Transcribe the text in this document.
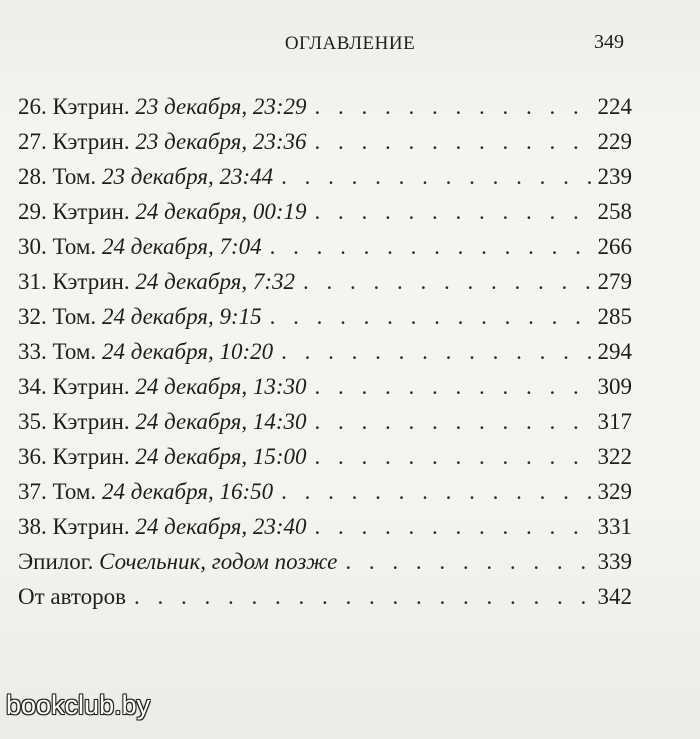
ОГЛАВЛЕНИЕ	349
26. Кэтрин. 23 декабря, 23:29 . . .	224
27. Кэтрин. 23 декабря, 23:36 . . .	229
28. Том. 23 декабря, 23:44 . . .	239
29. Кэтрин. 24 декабря, 00:19 . . .	258
30. Том. 24 декабря, 7:04 . . .	266
31. Кэтрин. 24 декабря, 7:32 . . .	279
32. Том. 24 декабря, 9:15 . . .	285
33. Том. 24 декабря, 10:20 . . .	294
34. Кэтрин. 24 декабря, 13:30 . . .	309
35. Кэтрин. 24 декабря, 14:30 . . .	317
36. Кэтрин. 24 декабря, 15:00 . . .	322
37. Том. 24 декабря, 16:50 . . .	329
38. Кэтрин. 24 декабря, 23:40 . . .	331
Эпилог. Сочельник, годом позже . . .	339
От авторов . . .	342
bookclub.by
